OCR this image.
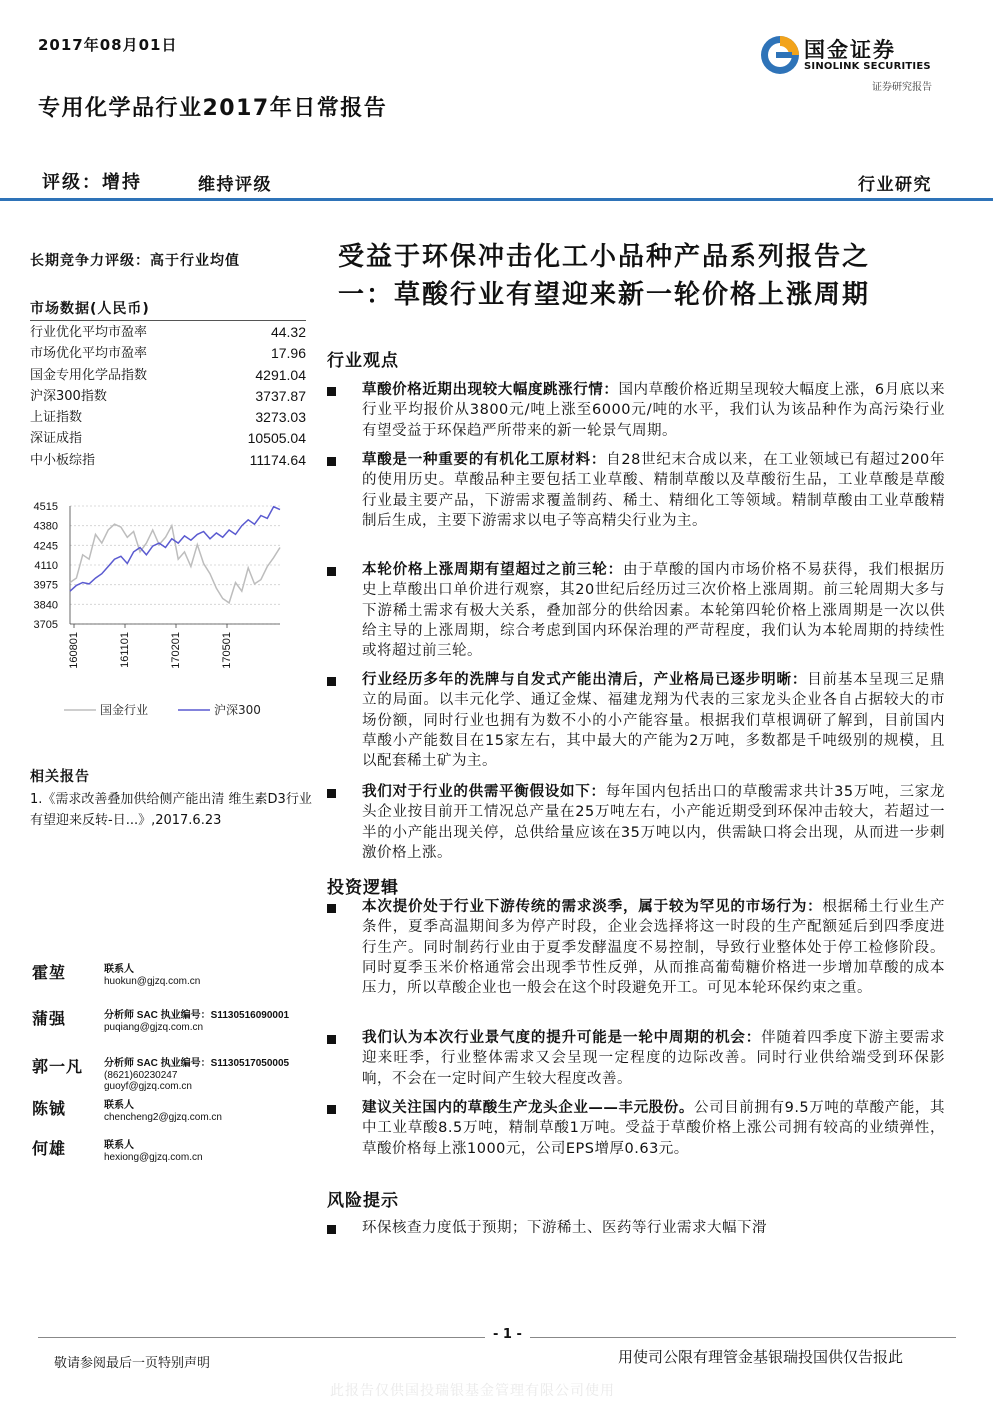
2017年08月01日	国金证券
SINOLINK SECURITIES
证券研究报告
专用化学品行业2017年日常报告
评级：增持	维持评级	行业研究
长期竞争力评级：高于行业均值
市场数据(人民币)
行业优化平均市盈率	44.32
市场优化平均市盈率	17.96
国金专用化学品指数	4291.04
沪深300指数	3737.87
上证指数	3273.03
深证成指	10505.04
中小板综指	11174.64
3705
3840
3975
4110
4245
4380
4515
160801	161101	170201	170501
国金行业	沪深300
相关报告
1.《需求改善叠加供给侧产能出清 维生素D3行业有望迎来反转-日...》,2017.6.23
霍堃	联系人
huokun@gjzq.com.cn
蒲强	分析师 SAC 执业编号：S1130516090001
puqiang@gjzq.com.cn
郭一凡 分析师 SAC 执业编号：S1130517050005
(8621)60230247
guoyf@gjzq.com.cn
陈铖	联系人
chencheng2@gjzq.com.cn
何雄	联系人
hexiong@gjzq.com.cn
受益于环保冲击化工小品种产品系列报告之
一：草酸行业有望迎来新一轮价格上涨周期
行业观点
草酸价格近期出现较大幅度跳涨行情：国内草酸价格近期呈现较大幅度上涨，6月底以来行业平均报价从3800元/吨上涨至6000元/吨的水平，我们认为该品种作为高污染行业有望受益于环保趋严所带来的新一轮景气周期。
草酸是一种重要的有机化工原材料：自28世纪末合成以来，在工业领域已有超过200年的使用历史。草酸品种主要包括工业草酸、精制草酸以及草酸衍生品，工业草酸是草酸行业最主要产品，下游需求覆盖制药、稀土、精细化工等领域。精制草酸由工业草酸精制后生成，主要下游需求以电子等高精尖行业为主。
本轮价格上涨周期有望超过之前三轮：由于草酸的国内市场价格不易获得，我们根据历史上草酸出口单价进行观察，其20世纪后经历过三次价格上涨周期。前三轮周期大多与下游稀土需求有极大关系，叠加部分的供给因素。本轮第四轮价格上涨周期是一次以供给主导的上涨周期，综合考虑到国内环保治理的严苛程度，我们认为本轮周期的持续性或将超过前三轮。
行业经历多年的洗牌与自发式产能出清后，产业格局已逐步明晰：目前基本呈现三足鼎立的局面。以丰元化学、通辽金煤、福建龙翔为代表的三家龙头企业各自占据较大的市场份额，同时行业也拥有为数不小的小产能容量。根据我们草根调研了解到，目前国内草酸小产能数目在15家左右，其中最大的产能为2万吨，多数都是千吨级别的规模，且以配套稀土矿为主。
我们对于行业的供需平衡假设如下：每年国内包括出口的草酸需求共计35万吨，三家龙头企业按目前开工情况总产量在25万吨左右，小产能近期受到环保冲击较大，若超过一半的小产能出现关停，总供给量应该在35万吨以内，供需缺口将会出现，从而进一步刺激价格上涨。
投资逻辑
本次提价处于行业下游传统的需求淡季，属于较为罕见的市场行为：根据稀土行业生产条件，夏季高温期间多为停产时段，企业会选择将这一时段的生产配额延后到四季度进行生产。同时制药行业由于夏季发酵温度不易控制，导致行业整体处于停工检修阶段。同时夏季玉米价格通常会出现季节性反弹，从而推高葡萄糖价格进一步增加草酸的成本压力，所以草酸企业也一般会在这个时段避免开工。可见本轮环保约束之重。
我们认为本次行业景气度的提升可能是一轮中周期的机会：伴随着四季度下游主要需求迎来旺季，行业整体需求又会呈现一定程度的边际改善。同时行业供给端受到环保影响，不会在一定时间产生较大程度改善。
建议关注国内的草酸生产龙头企业——丰元股份。公司目前拥有9.5万吨的草酸产能，其中工业草酸8.5万吨，精制草酸1万吨。受益于草酸价格上涨公司拥有较高的业绩弹性，草酸价格每上涨1000元，公司EPS增厚0.63元。
风险提示
环保核查力度低于预期；下游稀土、医药等行业需求大幅下滑
- 1 -
敬请参阅最后一页特别声明	用使司公限有理管金基银瑞投国供仅告报此
此报告仅供国投瑞银基金管理有限公司使用
